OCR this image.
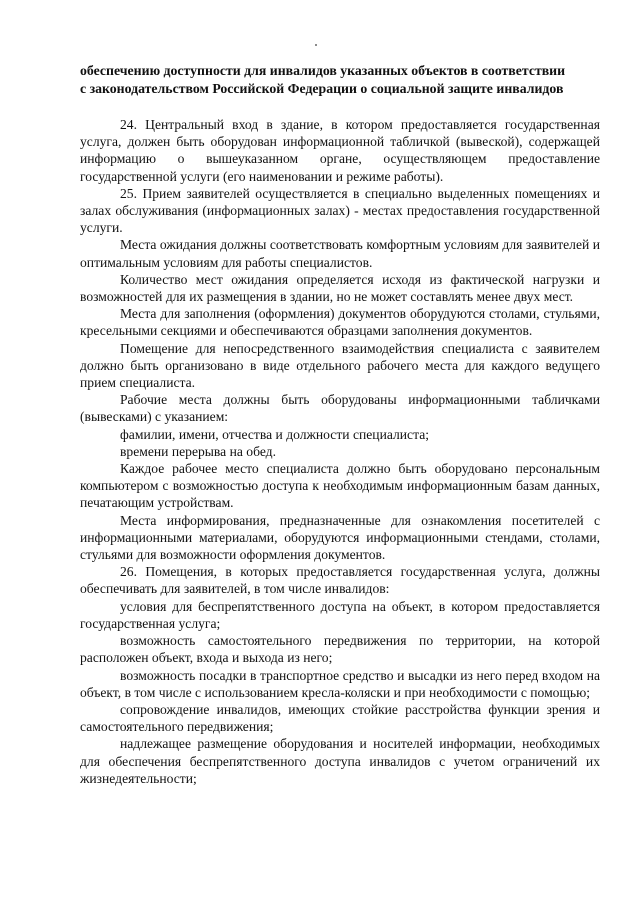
обеспечению доступности для инвалидов указанных объектов в соответствии
с законодательством Российской Федерации о социальной защите инвалидов

24. Центральный вход в здание, в котором предоставляется государственная услуга, должен быть оборудован информационной табличкой (вывеской), содержащей информацию о вышеуказанном органе, осуществляющем предоставление государственной услуги (его наименовании и режиме работы).

25. Прием заявителей осуществляется в специально выделенных помещениях и залах обслуживания (информационных залах) - местах предоставления государственной услуги.

Места ожидания должны соответствовать комфортным условиям для заявителей и оптимальным условиям для работы специалистов.

Количество мест ожидания определяется исходя из фактической нагрузки и возможностей для их размещения в здании, но не может составлять менее двух мест.

Места для заполнения (оформления) документов оборудуются столами, стульями, кресельными секциями и обеспечиваются образцами заполнения документов.

Помещение для непосредственного взаимодействия специалиста с заявителем должно быть организовано в виде отдельного рабочего места для каждого ведущего прием специалиста.

Рабочие места должны быть оборудованы информационными табличками (вывесками) с указанием:

фамилии, имени, отчества и должности специалиста;

времени перерыва на обед.

Каждое рабочее место специалиста должно быть оборудовано персональным компьютером с возможностью доступа к необходимым информационным базам данных, печатающим устройствам.

Места информирования, предназначенные для ознакомления посетителей с информационными материалами, оборудуются информационными стендами, столами, стульями для возможности оформления документов.

26. Помещения, в которых предоставляется государственная услуга, должны обеспечивать для заявителей, в том числе инвалидов:

условия для беспрепятственного доступа на объект, в котором предоставляется государственная услуга;

возможность самостоятельного передвижения по территории, на которой расположен объект, входа и выхода из него;

возможность посадки в транспортное средство и высадки из него перед входом на объект, в том числе с использованием кресла-коляски и при необходимости с помощью;

сопровождение инвалидов, имеющих стойкие расстройства функции зрения и самостоятельного передвижения;

надлежащее размещение оборудования и носителей информации, необходимых для обеспечения беспрепятственного доступа инвалидов с учетом ограничений их жизнедеятельности;
